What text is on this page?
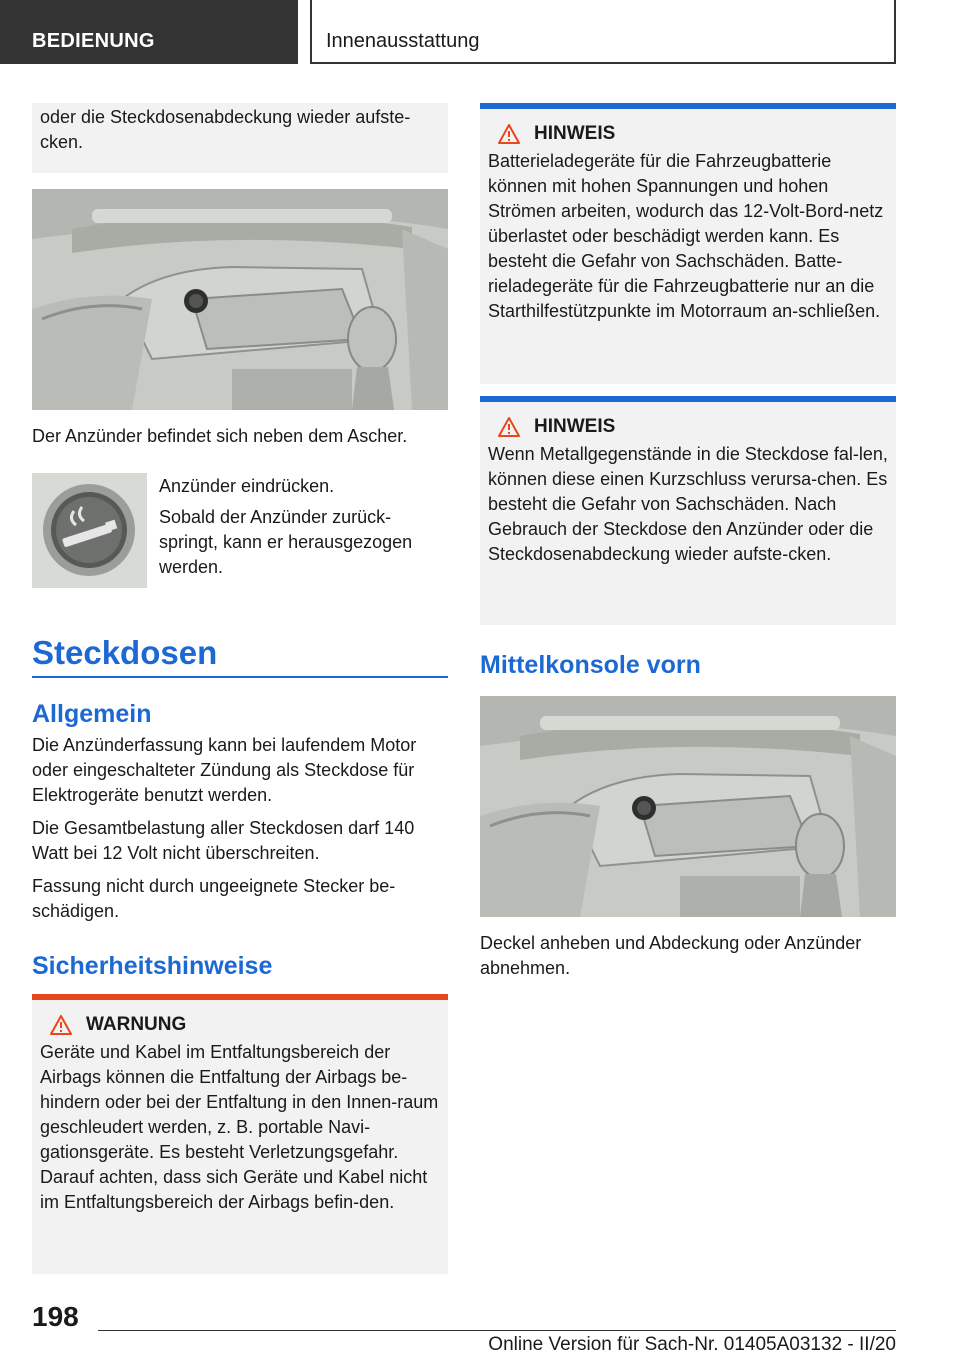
BEDIENUNG	Innenausstattung

oder die Steckdosenabdeckung wieder aufste-cken.

Der Anzünder befindet sich neben dem Ascher.

Anzünder eindrücken.

Sobald der Anzünder zurück-springt, kann er herausgezogen werden.

Steckdosen
Allgemein

Die Anzünderfassung kann bei laufendem Motor oder eingeschalteter Zündung als Steckdose für Elektrogeräte benutzt werden.

Die Gesamtbelastung aller Steckdosen darf 140 Watt bei 12 Volt nicht überschreiten.

Fassung nicht durch ungeeignete Stecker be-schädigen.

Sicherheitshinweise
WARNUNG

Geräte und Kabel im Entfaltungsbereich der Airbags können die Entfaltung der Airbags be-hindern oder bei der Entfaltung in den Innen-raum geschleudert werden, z. B. portable Navi-gationsgeräte. Es besteht Verletzungsgefahr. Darauf achten, dass sich Geräte und Kabel nicht im Entfaltungsbereich der Airbags befin-den.

HINWEIS

Batterieladegeräte für die Fahrzeugbatterie können mit hohen Spannungen und hohen Strömen arbeiten, wodurch das 12-Volt-Bord-netz überlastet oder beschädigt werden kann. Es besteht die Gefahr von Sachschäden. Batte-rieladegeräte für die Fahrzeugbatterie nur an die Starthilfestützpunkte im Motorraum an-schließen.

HINWEIS

Wenn Metallgegenstände in die Steckdose fal-len, können diese einen Kurzschluss verursa-chen. Es besteht die Gefahr von Sachschäden. Nach Gebrauch der Steckdose den Anzünder oder die Steckdosenabdeckung wieder aufste-cken.

Mittelkonsole vorn

Deckel anheben und Abdeckung oder Anzünder abnehmen.

198
Online Version für Sach-Nr. 01405A03132 - II/20
